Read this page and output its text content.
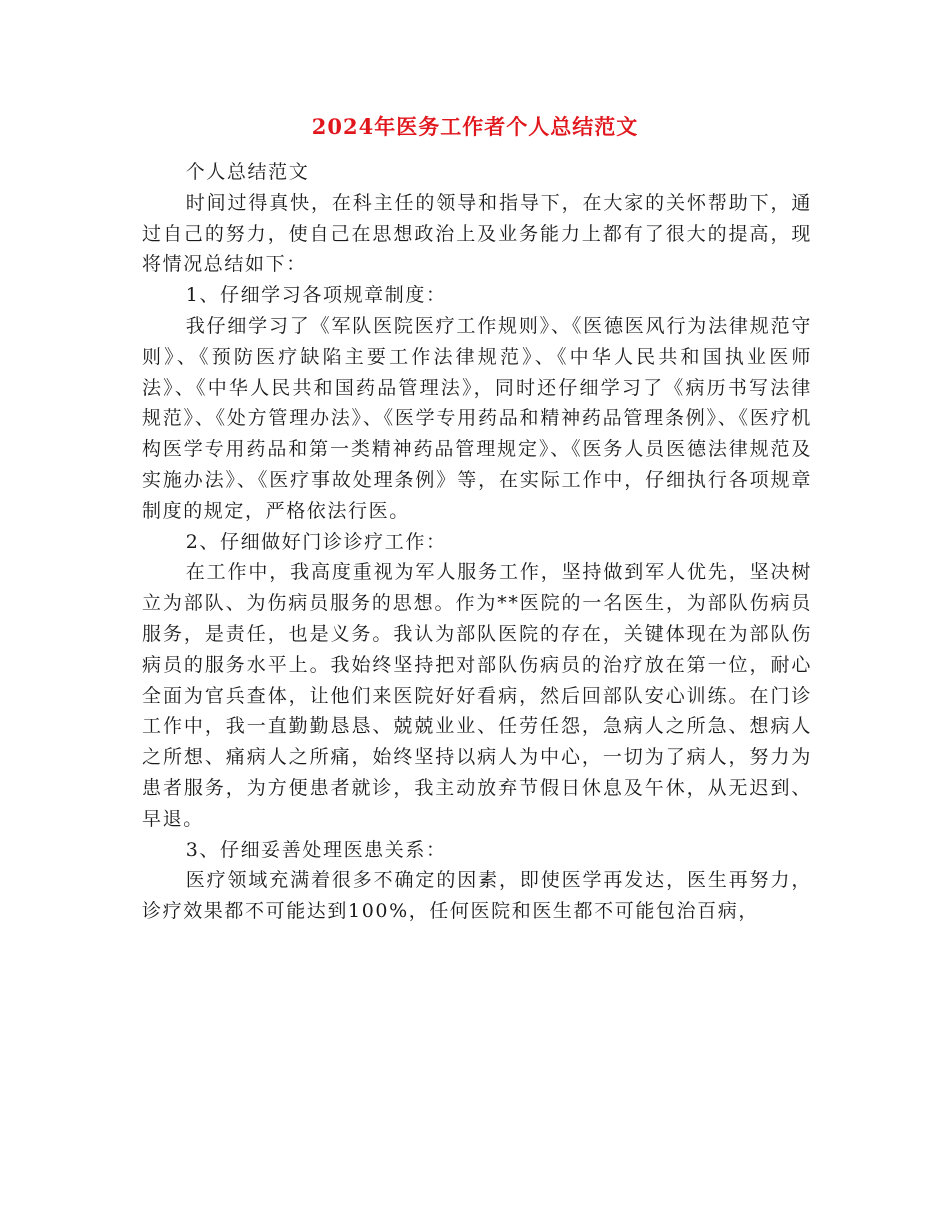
2024年医务工作者个人总结范文

个人总结范文

时间过得真快，在科主任的领导和指导下，在大家的关怀帮助下，通过自己的努力，使自己在思想政治上及业务能力上都有了很大的提高，现将情况总结如下：

1、仔细学习各项规章制度：

我仔细学习了《军队医院医疗工作规则》、《医德医风行为法律规范守则》、《预防医疗缺陷主要工作法律规范》、《中华人民共和国执业医师法》、《中华人民共和国药品管理法》，同时还仔细学习了《病历书写法律规范》、《处方管理办法》、《医学专用药品和精神药品管理条例》、《医疗机构医学专用药品和第一类精神药品管理规定》、《医务人员医德法律规范及实施办法》、《医疗事故处理条例》等，在实际工作中，仔细执行各项规章制度的规定，严格依法行医。

2、仔细做好门诊诊疗工作：

在工作中，我高度重视为军人服务工作，坚持做到军人优先，坚决树立为部队、为伤病员服务的思想。作为**医院的一名医生，为部队伤病员服务，是责任，也是义务。我认为部队医院的存在，关键体现在为部队伤病员的服务水平上。我始终坚持把对部队伤病员的治疗放在第一位，耐心全面为官兵查体，让他们来医院好好看病，然后回部队安心训练。在门诊工作中，我一直勤勤恳恳、兢兢业业、任劳任怨，急病人之所急、想病人之所想、痛病人之所痛，始终坚持以病人为中心，一切为了病人，努力为患者服务，为方便患者就诊，我主动放弃节假日休息及午休，从无迟到、早退。

3、仔细妥善处理医患关系：

医疗领域充满着很多不确定的因素，即使医学再发达，医生再努力，诊疗效果都不可能达到100%，任何医院和医生都不可能包治百病，
